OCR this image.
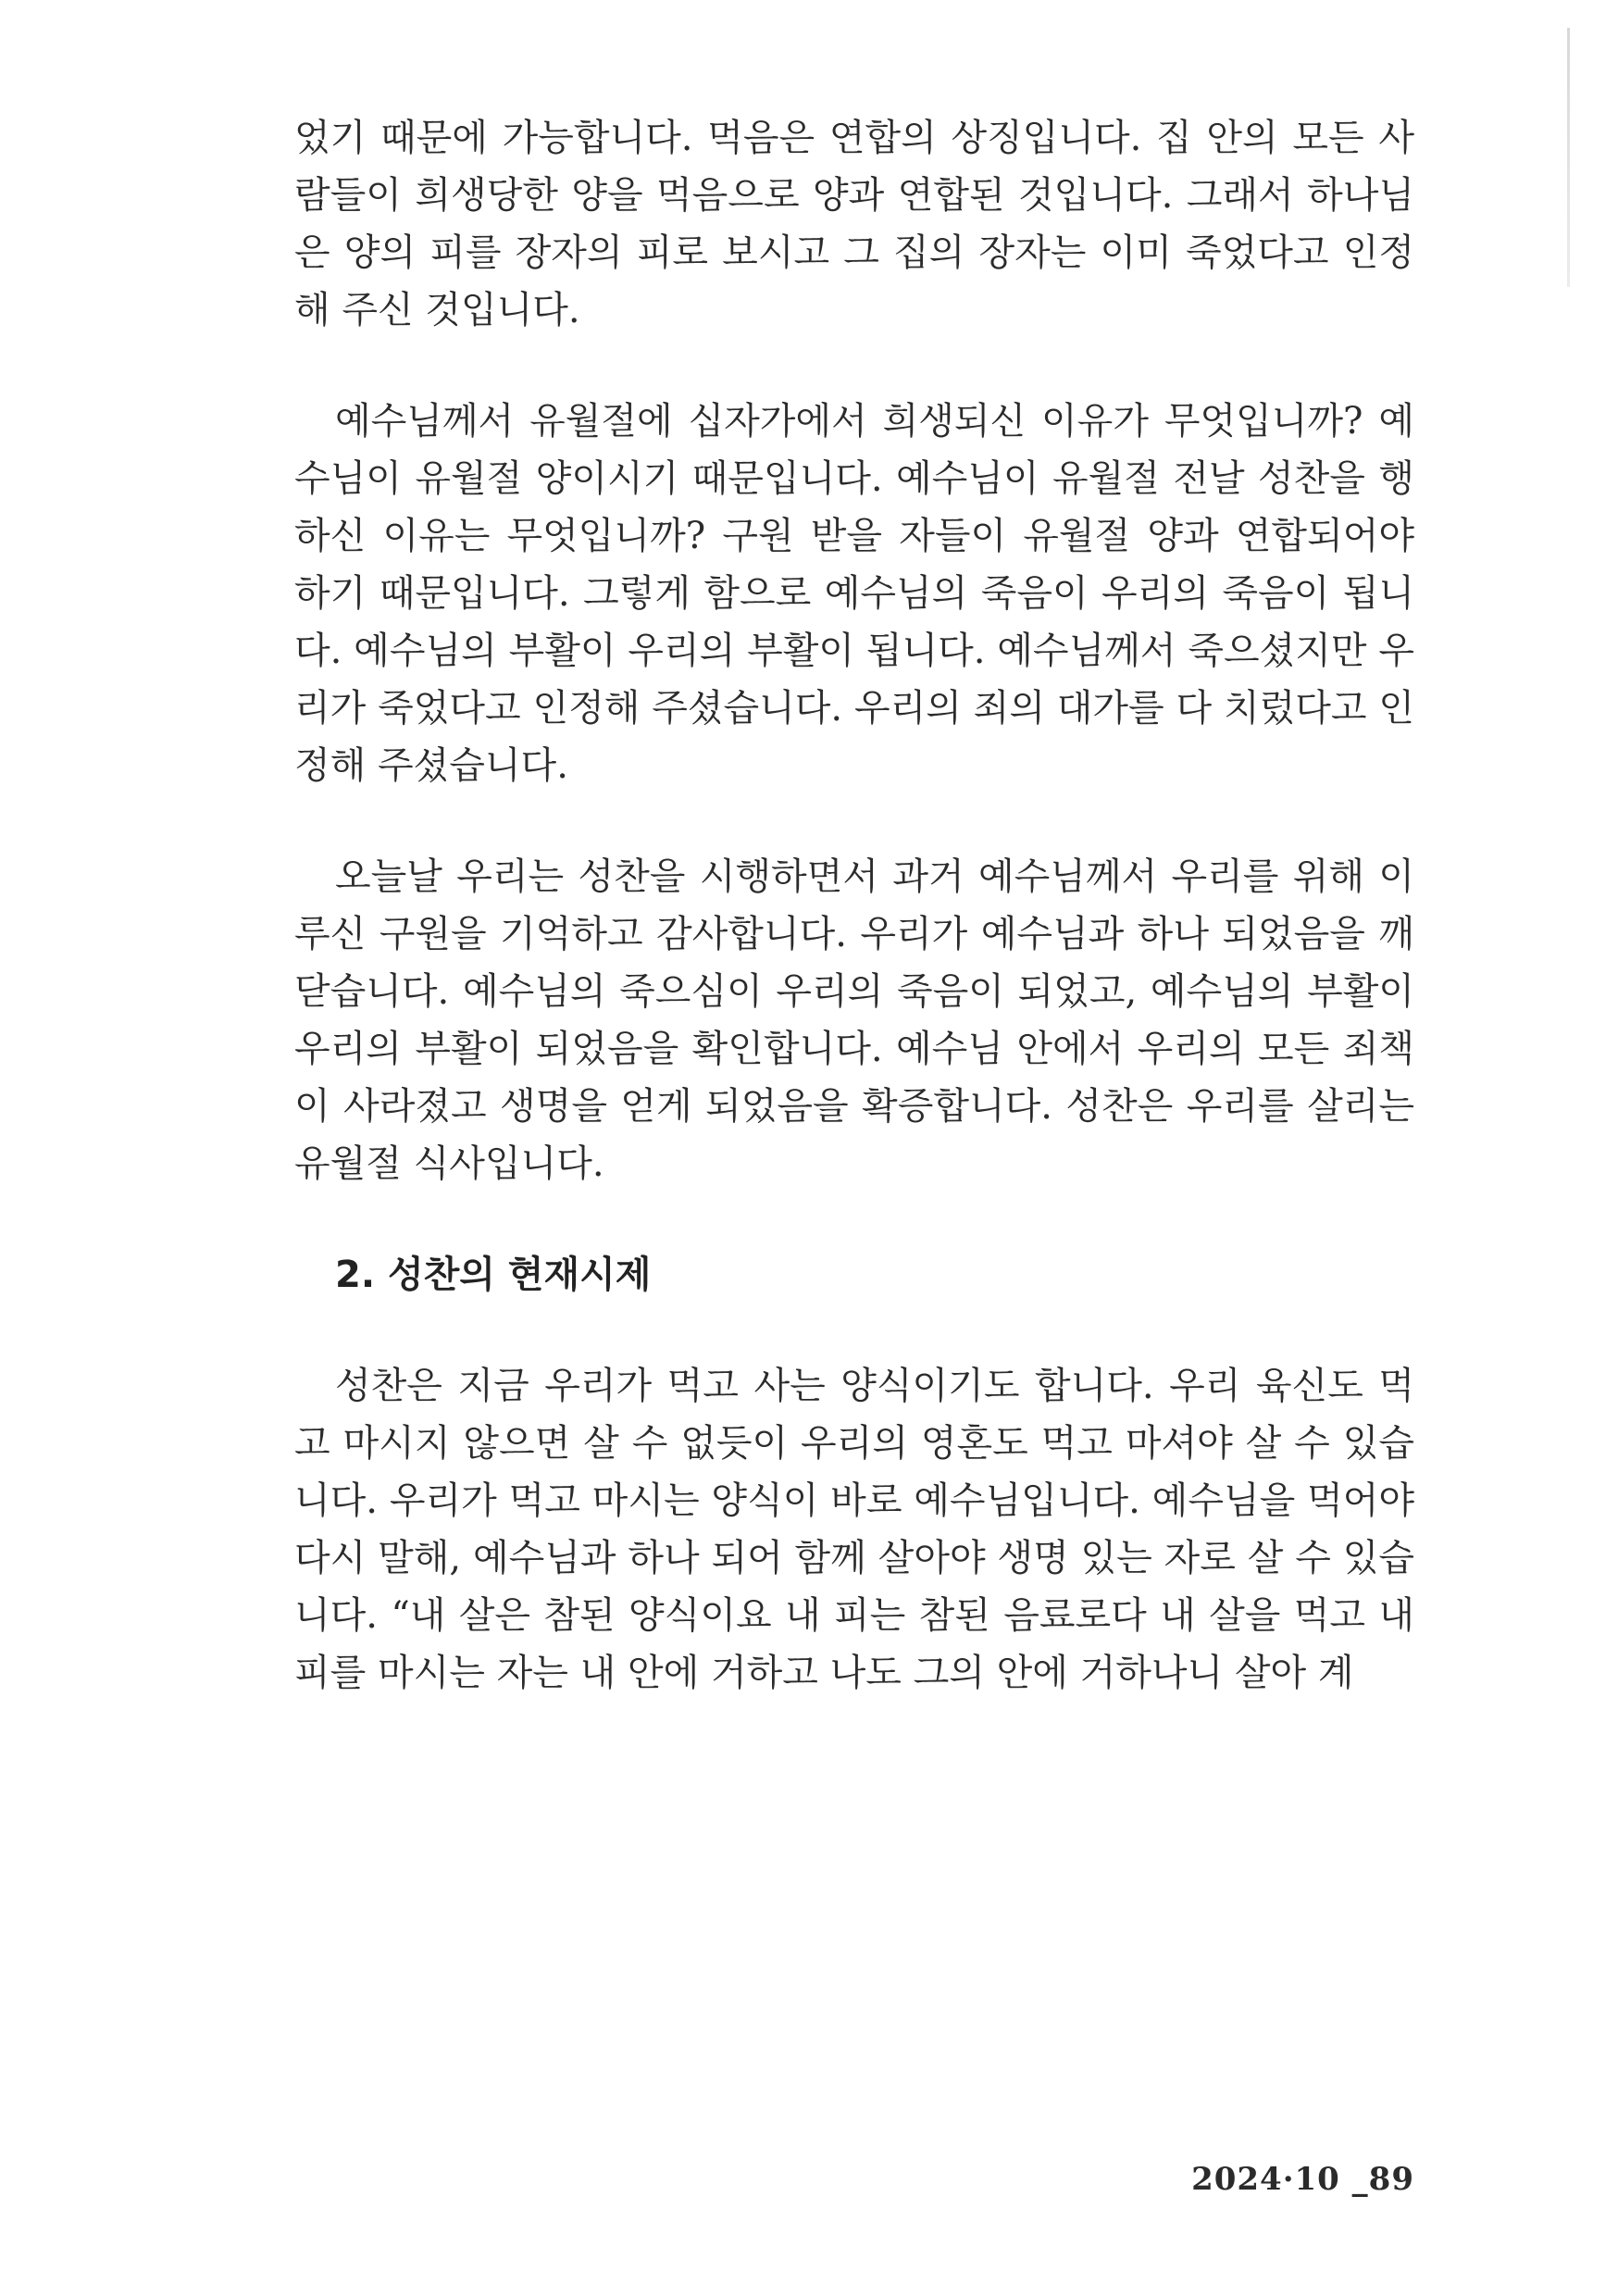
었기 때문에 가능합니다. 먹음은 연합의 상징입니다. 집 안의 모든 사람들이 희생당한 양을 먹음으로 양과 연합된 것입니다. 그래서 하나님은 양의 피를 장자의 피로 보시고 그 집의 장자는 이미 죽었다고 인정해 주신 것입니다.

예수님께서 유월절에 십자가에서 희생되신 이유가 무엇입니까? 예수님이 유월절 양이시기 때문입니다. 예수님이 유월절 전날 성찬을 행하신 이유는 무엇입니까? 구원 받을 자들이 유월절 양과 연합되어야 하기 때문입니다. 그렇게 함으로 예수님의 죽음이 우리의 죽음이 됩니다. 예수님의 부활이 우리의 부활이 됩니다. 예수님께서 죽으셨지만 우리가 죽었다고 인정해 주셨습니다. 우리의 죄의 대가를 다 치렀다고 인정해 주셨습니다.

오늘날 우리는 성찬을 시행하면서 과거 예수님께서 우리를 위해 이루신 구원을 기억하고 감사합니다. 우리가 예수님과 하나 되었음을 깨닫습니다. 예수님의 죽으심이 우리의 죽음이 되었고, 예수님의 부활이 우리의 부활이 되었음을 확인합니다. 예수님 안에서 우리의 모든 죄책이 사라졌고 생명을 얻게 되었음을 확증합니다. 성찬은 우리를 살리는 유월절 식사입니다.

2. 성찬의 현재시제

성찬은 지금 우리가 먹고 사는 양식이기도 합니다. 우리 육신도 먹고 마시지 않으면 살 수 없듯이 우리의 영혼도 먹고 마셔야 살 수 있습니다. 우리가 먹고 마시는 양식이 바로 예수님입니다. 예수님을 먹어야 다시 말해, 예수님과 하나 되어 함께 살아야 생명 있는 자로 살 수 있습니다. “내 살은 참된 양식이요 내 피는 참된 음료로다 내 살을 먹고 내 피를 마시는 자는 내 안에 거하고 나도 그의 안에 거하나니 살아 계

2024·10 _89
